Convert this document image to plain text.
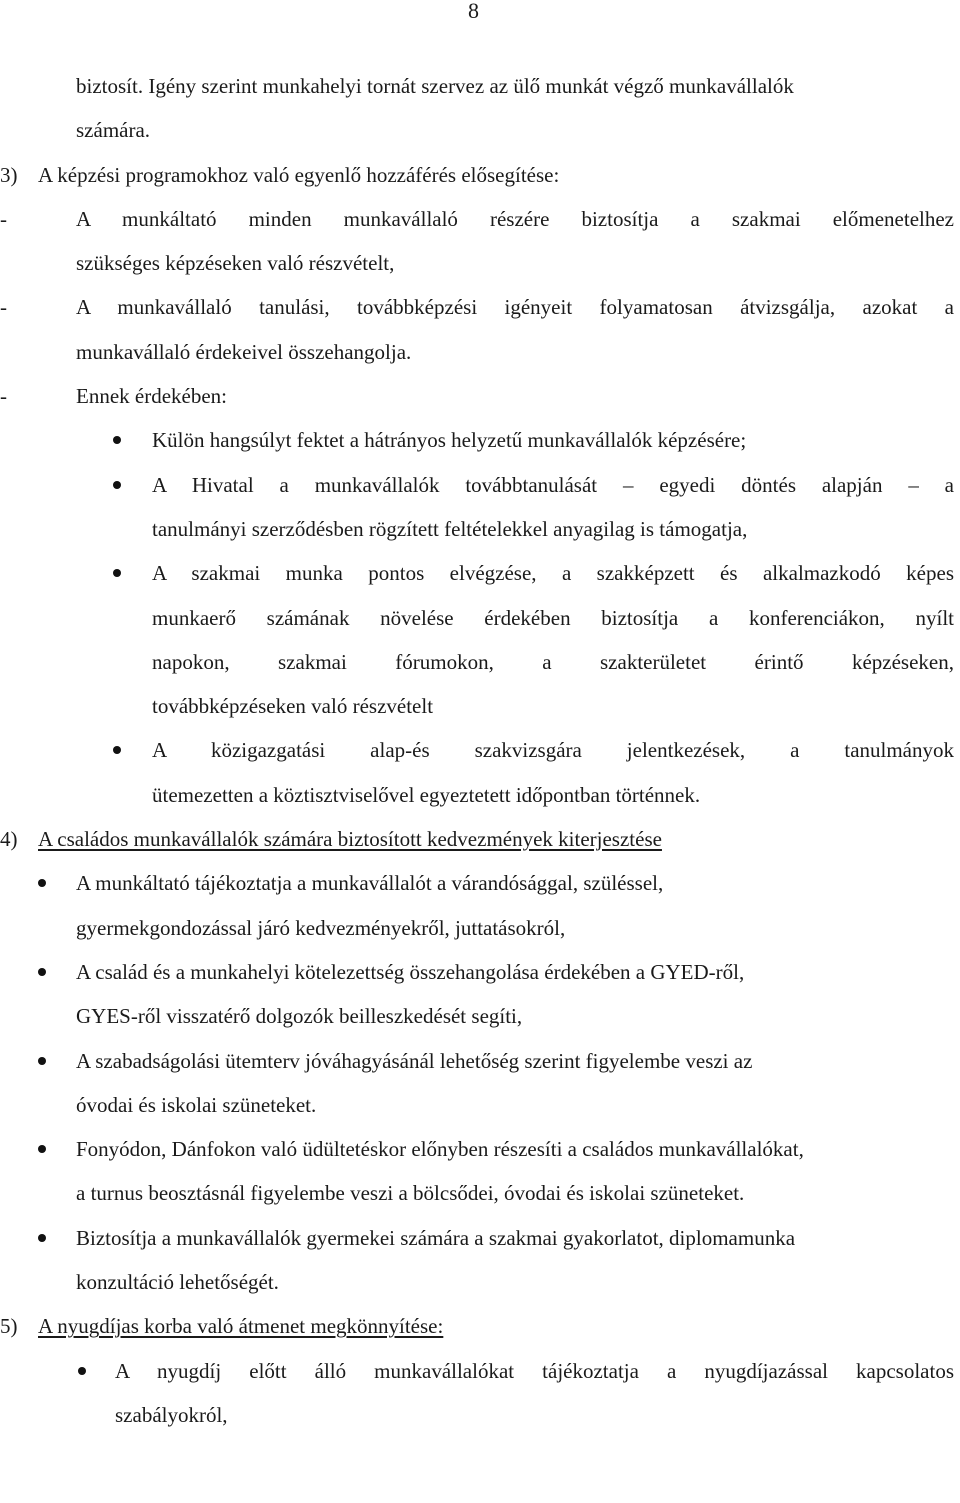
8
biztosít. Igény szerint munkahelyi tornát szervez az ülő munkát végző munkavállalók
számára.
3) A képzési programokhoz való egyenlő hozzáférés elősegítése:
-	A munkáltató minden munkavállaló részére biztosítja a szakmai előmenetelhez
szükséges képzéseken való részvételt,
-	A munkavállaló tanulási, továbbképzési igényeit folyamatosan átvizsgálja, azokat a
munkavállaló érdekeivel összehangolja.
-	Ennek érdekében:
Külön hangsúlyt fektet a hátrányos helyzetű munkavállalók képzésére;
A Hivatal a munkavállalók továbbtanulását – egyedi döntés alapján – a
tanulmányi szerződésben rögzített feltételekkel anyagilag is támogatja,
A szakmai munka pontos elvégzése, a szakképzett és alkalmazkodó képes
munkaerő számának növelése érdekében biztosítja a konferenciákon, nyílt
napokon, szakmai fórumokon, a szakterületet érintő képzéseken,
továbbképzéseken való részvételt
A közigazgatási alap-és szakvizsgára jelentkezések, a tanulmányok
ütemezetten a köztisztviselővel egyeztetett időpontban történnek.
4) A családos munkavállalók számára biztosított kedvezmények kiterjesztése
A munkáltató tájékoztatja a munkavállalót a várandósággal, szüléssel,
gyermekgondozással járó kedvezményekről, juttatásokról,
A család és a munkahelyi kötelezettség összehangolása érdekében a GYED-ről,
GYES-ről visszatérő dolgozók beilleszkedését segíti,
A szabadságolási ütemterv jóváhagyásánál lehetőség szerint figyelembe veszi az
óvodai és iskolai szüneteket.
Fonyódon, Dánfokon való üdültetéskor előnyben részesíti a családos munkavállalókat,
a turnus beosztásnál figyelembe veszi a bölcsődei, óvodai és iskolai szüneteket.
Biztosítja a munkavállalók gyermekei számára a szakmai gyakorlatot, diplomamunka
konzultáció lehetőségét.
5) A nyugdíjas korba való átmenet megkönnyítése:
A nyugdíj előtt álló munkavállalókat tájékoztatja a nyugdíjazással kapcsolatos
szabályokról,
